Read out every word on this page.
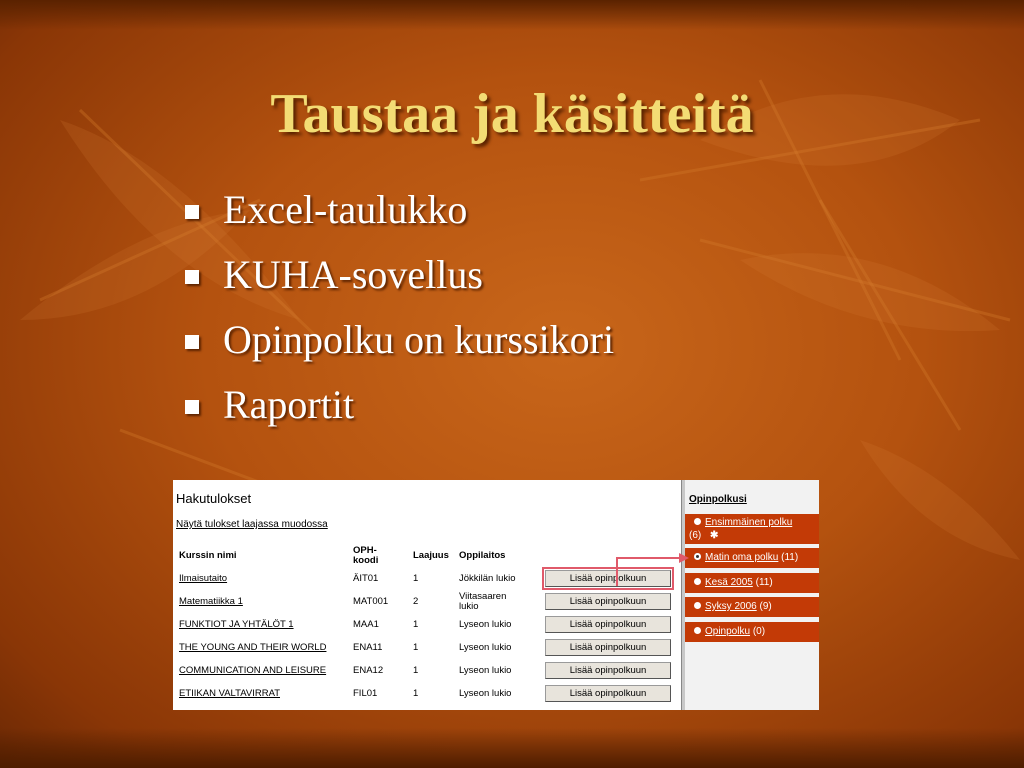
Taustaa ja käsitteitä
Excel-taulukko
KUHA-sovellus
Opinpolku on kurssikori
Raportit
Hakutulokset
Näytä tulokset laajassa muodossa
Kurssin nimi	OPH-koodi	Laajuus	Oppilaitos	
Ilmaisutaito	ÄIT01	1	Jökkilän lukio	Lisää opinpolkuun
Matematiikka 1	MAT001	2	Viitasaaren lukio	Lisää opinpolkuun
FUNKTIOT JA YHTÄLÖT 1	MAA1	1	Lyseon lukio	Lisää opinpolkuun
THE YOUNG AND THEIR WORLD	ENA11	1	Lyseon lukio	Lisää opinpolkuun
COMMUNICATION AND LEISURE	ENA12	1	Lyseon lukio	Lisää opinpolkuun
ETIIKAN VALTAVIRRAT	FIL01	1	Lyseon lukio	Lisää opinpolkuun
Opinpolkusi
Ensimmäinen polku
(6) ✱
Matin oma polku (11)
Kesä 2005 (11)
Syksy 2006 (9)
Opinpolku (0)
